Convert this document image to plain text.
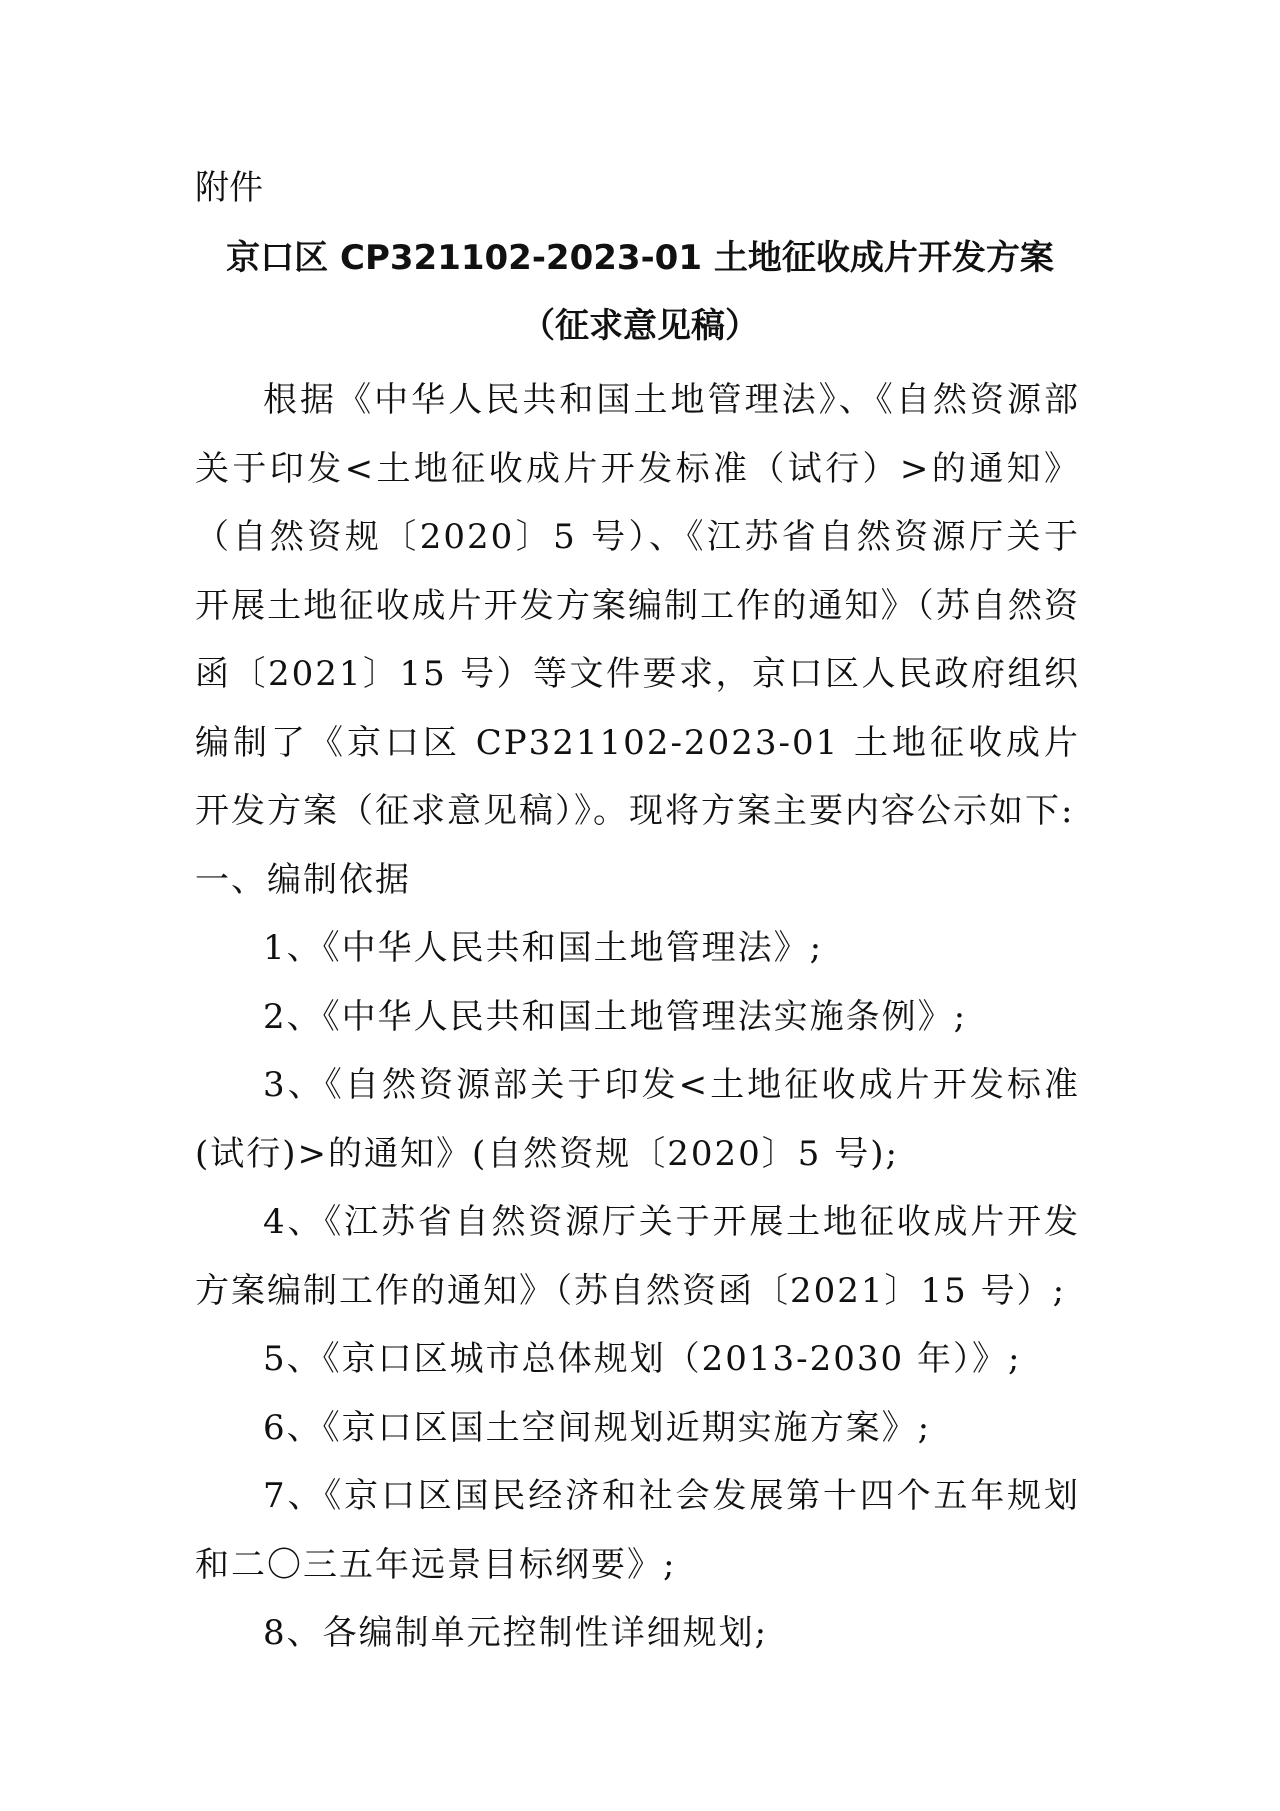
附件

京口区 CP321102-2023-01 土地征收成片开发方案

（征求意见稿）

根据《中华人民共和国土地管理法》、《自然资源部关于印发<土地征收成片开发标准（试行）>的通知》（自然资规〔2020〕5 号）、《江苏省自然资源厅关于开展土地征收成片开发方案编制工作的通知》（苏自然资函〔2021〕15 号）等文件要求，京口区人民政府组织编制了《京口区 CP321102-2023-01 土地征收成片开发方案（征求意见稿）》。现将方案主要内容公示如下:

一、编制依据

1、《中华人民共和国土地管理法》;

2、《中华人民共和国土地管理法实施条例》;

3、《自然资源部关于印发<土地征收成片开发标准(试行)>的通知》(自然资规〔2020〕5 号);

4、《江苏省自然资源厅关于开展土地征收成片开发方案编制工作的通知》（苏自然资函〔2021〕15 号）;

5、《京口区城市总体规划（2013-2030 年）》;

6、《京口区国土空间规划近期实施方案》;

7、《京口区国民经济和社会发展第十四个五年规划和二〇三五年远景目标纲要》;

8、各编制单元控制性详细规划;
